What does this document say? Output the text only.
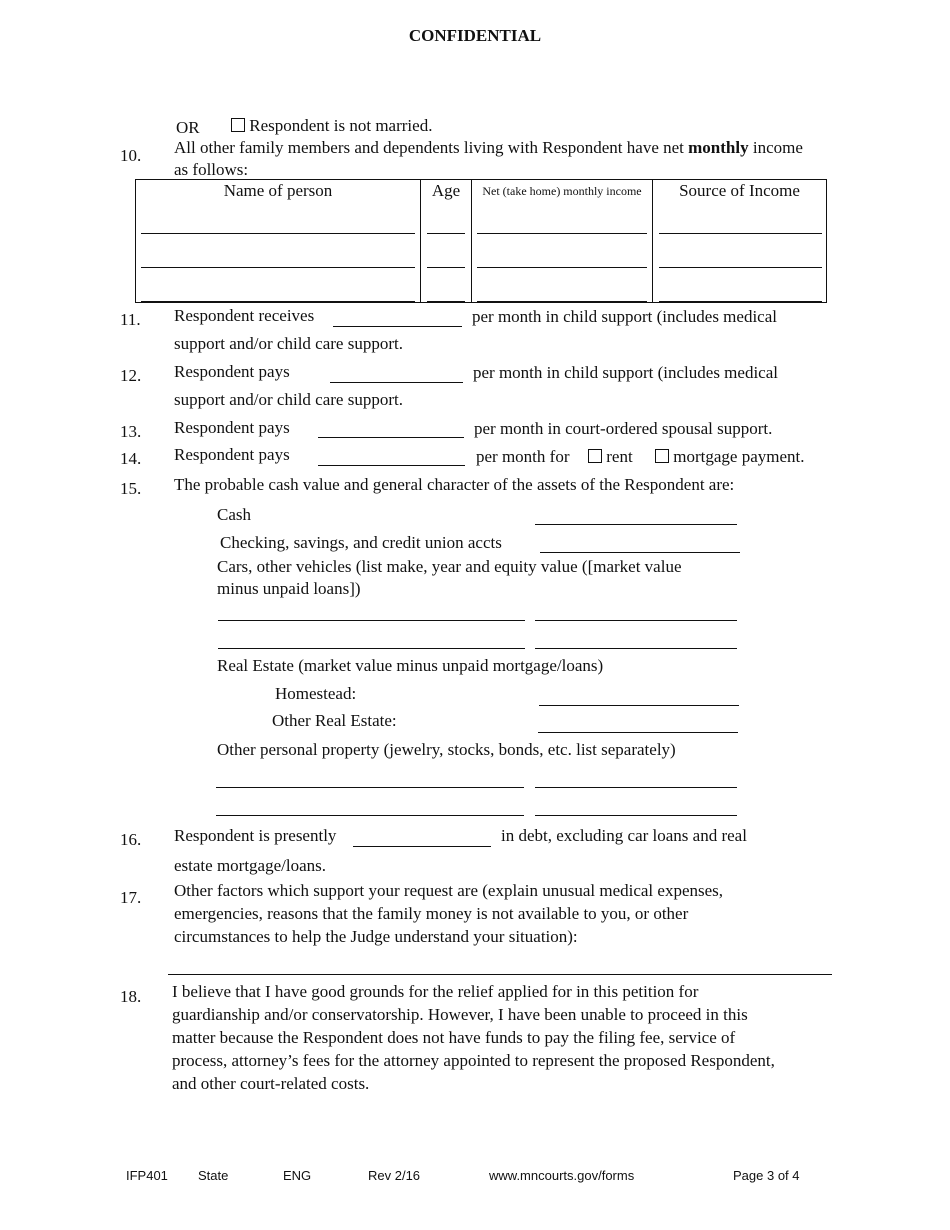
CONFIDENTIAL
OR	Respondent is not married.
10. All other family members and dependents living with Respondent have net monthly income
as follows:
Name of person	Age	Net (take home) monthly income	Source of Income
11. Respondent receives	per month in child support (includes medical
support and/or child care support.
12. Respondent pays	per month in child support (includes medical
support and/or child care support.
13. Respondent pays	per month in court-ordered spousal support.
14. Respondent pays	per month for	rent	mortgage payment.
15. The probable cash value and general character of the assets of the Respondent are:
Cash
Checking, savings, and credit union accts
Cars, other vehicles (list make, year and equity value ([market value
minus unpaid loans])
Real Estate (market value minus unpaid mortgage/loans)
Homestead:
Other Real Estate:
Other personal property (jewelry, stocks, bonds, etc. list separately)
16. Respondent is presently	in debt, excluding car loans and real
estate mortgage/loans.
17. Other factors which support your request are (explain unusual medical expenses,
emergencies, reasons that the family money is not available to you, or other
circumstances to help the Judge understand your situation):
18. I believe that I have good grounds for the relief applied for in this petition for
guardianship and/or conservatorship. However, I have been unable to proceed in this
matter because the Respondent does not have funds to pay the filing fee, service of
process, attorney’s fees for the attorney appointed to represent the proposed Respondent,
and other court-related costs.
IFP401 State	ENG	Rev 2/16	www.mncourts.gov/forms	Page 3 of 4
